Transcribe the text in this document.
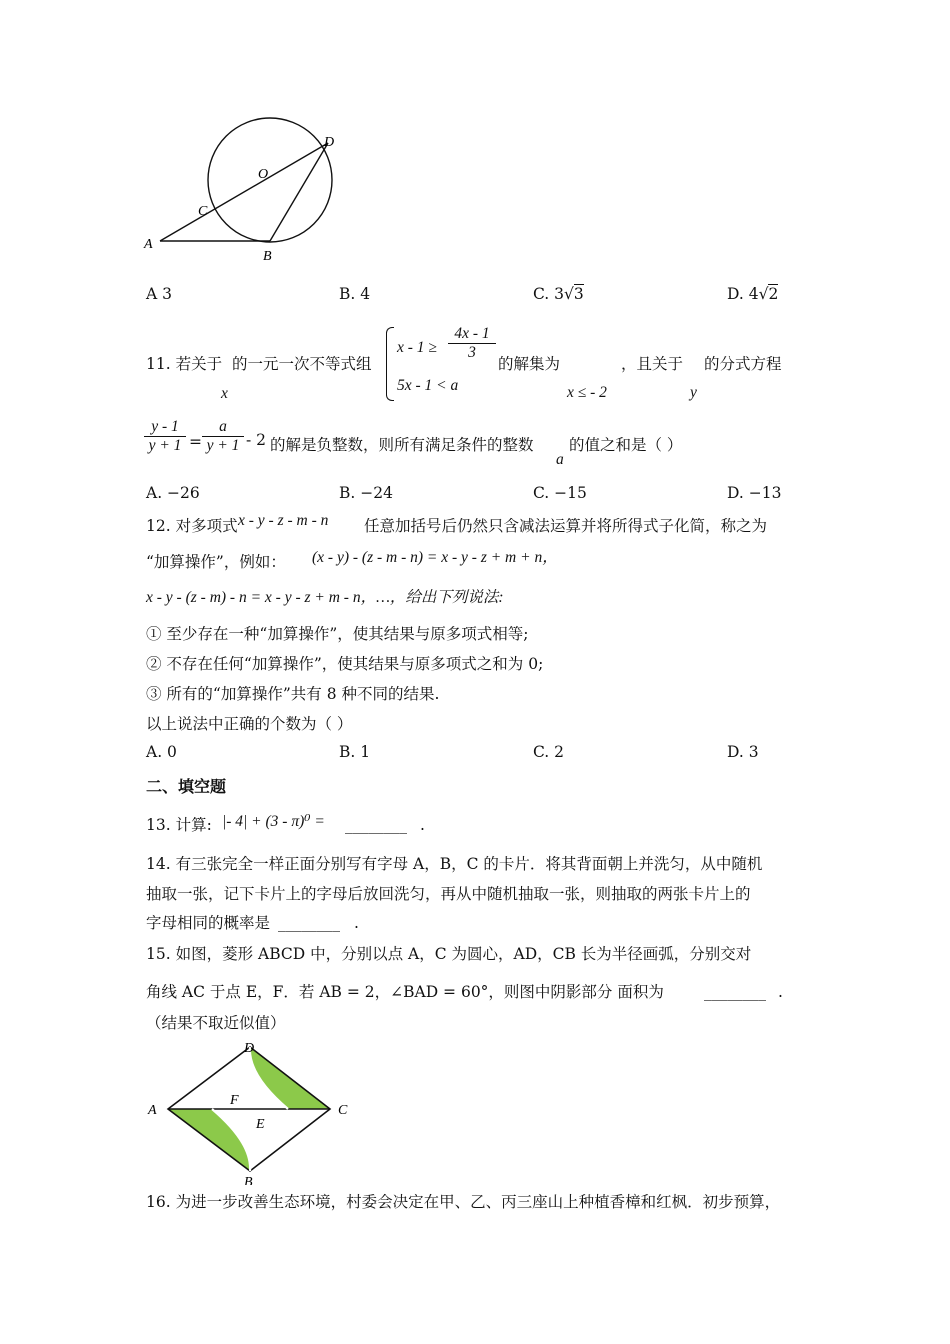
A
B
C
D
O
A 3	B. 4	C. 3√3	D. 4√2
11. 若关于
x
的一元一次不等式组
$x - 1 \ge \frac{4x - 1}{3}$
5x - 1 < a
的解集为
x ≤ - 2
，且关于
y
的分式方程
$\frac{y - 1}{y + 1} = \frac{a}{y + 1} - 2$ 的解是负整数，则所有满足条件的整数
a
的值之和是（ ）
A. −26	B. −24	C. −15	D. −13
12. 对多项式 x - y - z - m - n 任意加括号后仍然只含减法运算并将所得式子化简，称之为
“加算操作”，例如： (x - y) - (z - m - n) = x - y - z + m + n，
x - y - (z - m) - n = x - y - z + m - n，…，给出下列说法:
① 至少存在一种“加算操作”，使其结果与原多项式相等;
② 不存在任何“加算操作”，使其结果与原多项式之和为 0;
③ 所有的“加算操作”共有 8 种不同的结果.
以上说法中正确的个数为（ ）
A. 0	B. 1	C. 2	D. 3
二、填空题
13. 计算: |- 4| + (3 - π)⁰ = ________ .
14. 有三张完全一样正面分别写有字母 A，B，C 的卡片．将其背面朝上并洗匀，从中随机
抽取一张，记下卡片上的字母后放回洗匀，再从中随机抽取一张，则抽取的两张卡片上的
字母相同的概率是 ________ .
15. 如图，菱形 ABCD 中，分别以点 A，C 为圆心，AD，CB 长为半径画弧，分别交对
角线 AC 于点 E，F．若 AB = 2，∠BAD = 60°，则图中阴影部分 面积为	________ .
（结果不取近似值）
A
B
C
D
E
F
16. 为进一步改善生态环境，村委会决定在甲、乙、丙三座山上种植香樟和红枫．初步预算，
